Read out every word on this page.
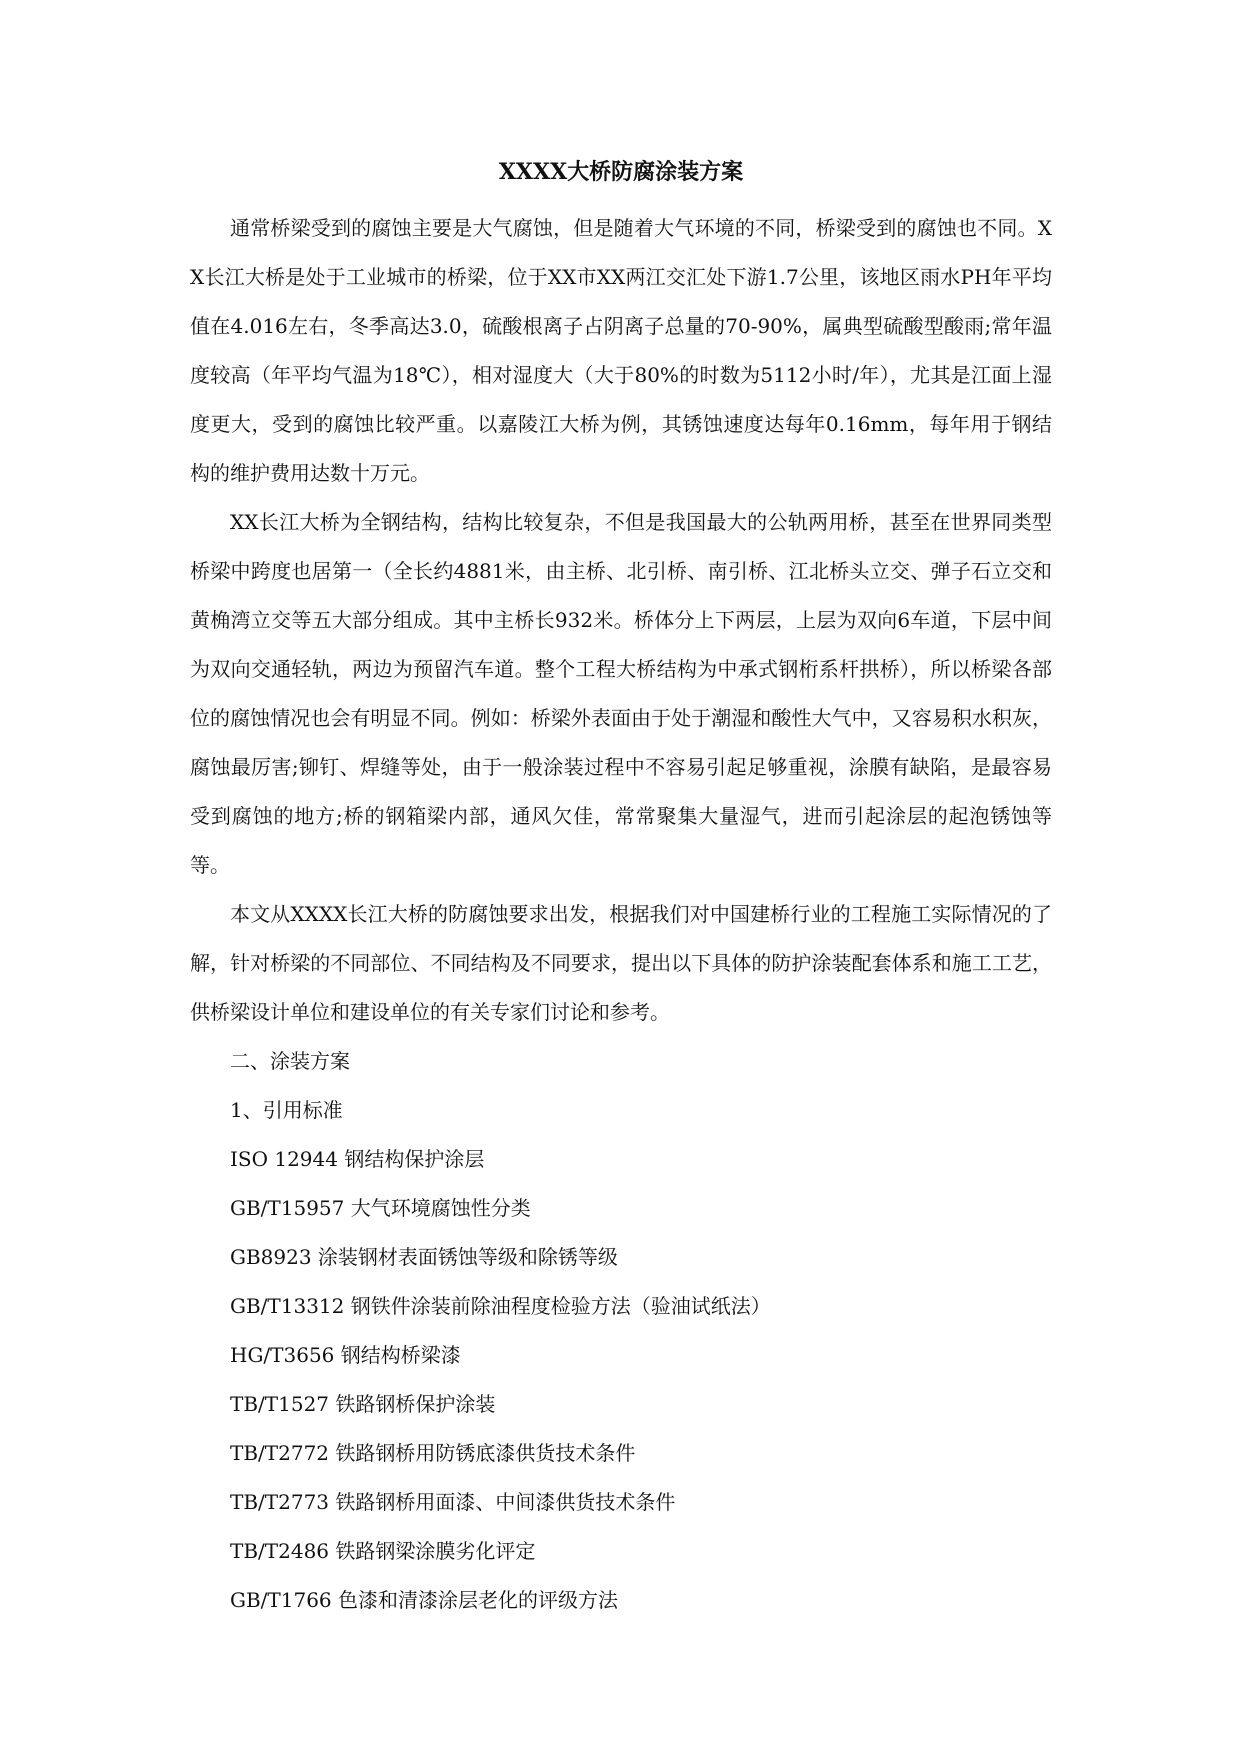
XXXX大桥防腐涂装方案

通常桥梁受到的腐蚀主要是大气腐蚀，但是随着大气环境的不同，桥梁受到的腐蚀也不同。XX长江大桥是处于工业城市的桥梁，位于XX市XX两江交汇处下游1.7公里，该地区雨水PH年平均值在4.016左右，冬季高达3.0，硫酸根离子占阴离子总量的70-90%，属典型硫酸型酸雨;常年温度较高（年平均气温为18℃），相对湿度大（大于80%的时数为5112小时/年），尤其是江面上湿度更大，受到的腐蚀比较严重。以嘉陵江大桥为例，其锈蚀速度达每年0.16mm，每年用于钢结构的维护费用达数十万元。

XX长江大桥为全钢结构，结构比较复杂，不但是我国最大的公轨两用桥，甚至在世界同类型桥梁中跨度也居第一（全长约4881米，由主桥、北引桥、南引桥、江北桥头立交、弹子石立交和黄桷湾立交等五大部分组成。其中主桥长932米。桥体分上下两层，上层为双向6车道，下层中间为双向交通轻轨，两边为预留汽车道。整个工程大桥结构为中承式钢桁系杆拱桥），所以桥梁各部位的腐蚀情况也会有明显不同。例如：桥梁外表面由于处于潮湿和酸性大气中，又容易积水积灰，腐蚀最厉害;铆钉、焊缝等处，由于一般涂装过程中不容易引起足够重视，涂膜有缺陷，是最容易受到腐蚀的地方;桥的钢箱梁内部，通风欠佳，常常聚集大量湿气，进而引起涂层的起泡锈蚀等等。

本文从XXXX长江大桥的防腐蚀要求出发，根据我们对中国建桥行业的工程施工实际情况的了解，针对桥梁的不同部位、不同结构及不同要求，提出以下具体的防护涂装配套体系和施工工艺，供桥梁设计单位和建设单位的有关专家们讨论和参考。

二、涂装方案
1、引用标准
ISO 12944 钢结构保护涂层
GB/T15957 大气环境腐蚀性分类
GB8923 涂装钢材表面锈蚀等级和除锈等级
GB/T13312 钢铁件涂装前除油程度检验方法（验油试纸法）
HG/T3656 钢结构桥梁漆
TB/T1527 铁路钢桥保护涂装
TB/T2772 铁路钢桥用防锈底漆供货技术条件
TB/T2773 铁路钢桥用面漆、中间漆供货技术条件
TB/T2486 铁路钢梁涂膜劣化评定
GB/T1766 色漆和清漆涂层老化的评级方法
